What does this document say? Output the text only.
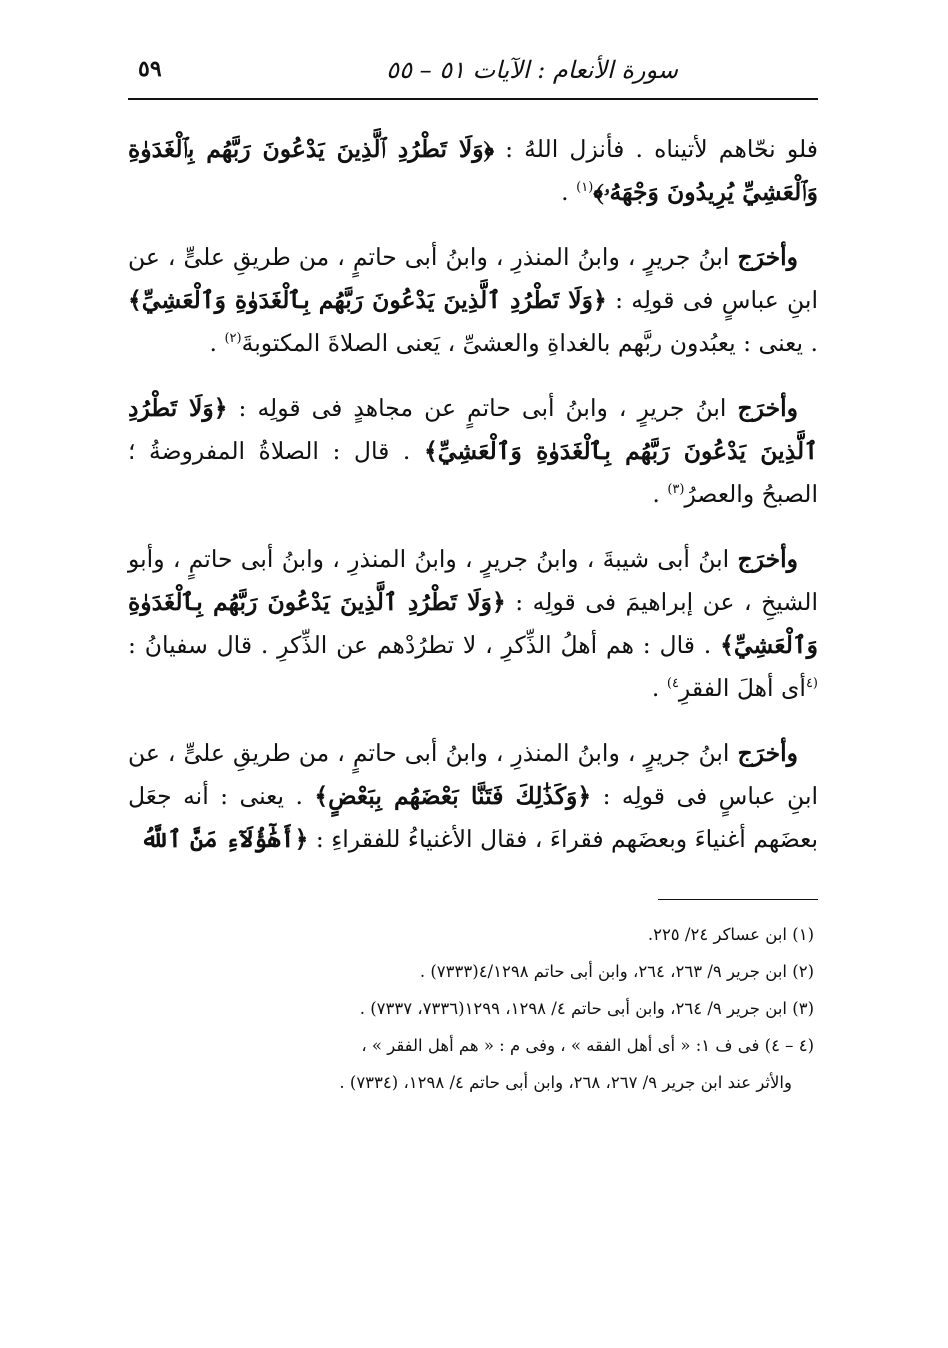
سورة الأنعام : الآيات ٥١ – ٥٥
٥٩

فلو نحّاهم لأتيناه . فأنزل اللهُ : ﴿وَلَا تَطْرُدِ ٱلَّذِينَ يَدْعُونَ رَبَّهُم بِٱلْغَدَوٰةِ وَٱلْعَشِيِّ يُرِيدُونَ وَجْهَهُۥ﴾$^{(١)}$ .

وأخرَج ابنُ جريرٍ ، وابنُ المنذرِ ، وابنُ أبى حاتمٍ ، من طريقِ علىٍّ ، عن ابنِ عباسٍ فى قولِه : ﴿وَلَا تَطْرُدِ ٱلَّذِينَ يَدْعُونَ رَبَّهُم بِٱلْغَدَوٰةِ وَٱلْعَشِيِّ﴾ . يعنى : يعبُدون ربَّهم بالغداةِ والعشىِّ ، يَعنى الصلاةَ المكتوبةَ$^{(٢)}$ .

وأخرَج ابنُ جريرٍ ، وابنُ أبى حاتمٍ عن مجاهدٍ فى قولِه : ﴿وَلَا تَطْرُدِ ٱلَّذِينَ يَدْعُونَ رَبَّهُم بِٱلْغَدَوٰةِ وَٱلْعَشِيِّ﴾ . قال : الصلاةُ المفروضةُ ؛ الصبحُ والعصرُ$^{(٣)}$ .

وأخرَج ابنُ أبى شيبةَ ، وابنُ جريرٍ ، وابنُ المنذرِ ، وابنُ أبى حاتمٍ ، وأبو الشيخِ ، عن إبراهيمَ فى قولِه : ﴿وَلَا تَطْرُدِ ٱلَّذِينَ يَدْعُونَ رَبَّهُم بِٱلْغَدَوٰةِ وَٱلْعَشِيِّ﴾ . قال : هم أهلُ الذِّكرِ ، لا تطرُدْهم عن الذِّكرِ . قال سفيانُ : $^{(٤}$أى أهلَ الفقرِ$^{٤)}$ .

وأخرَج ابنُ جريرٍ ، وابنُ المنذرِ ، وابنُ أبى حاتمٍ ، من طريقِ علىٍّ ، عن ابنِ عباسٍ فى قولِه : ﴿وَكَذَٰلِكَ فَتَنَّا بَعْضَهُم بِبَعْضٍ﴾ . يعنى : أنه جعَل بعضَهم أغنياءَ وبعضَهم فقراءَ ، فقال الأغنياءُ للفقراءِ : ﴿أَهَٰٓؤُلَآءِ مَنَّ ٱللَّهُ

(١) ابن عساكر ٢٤/ ٢٢٥.
(٢) ابن جرير ٩/ ٢٦٣، ٢٦٤، وابن أبى حاتم ٤/١٢٩٨(٧٣٣٣) .
(٣) ابن جرير ٩/ ٢٦٤، وابن أبى حاتم ٤/ ١٢٩٨، ١٢٩٩(٧٣٣٦، ٧٣٣٧) .
(٤ – ٤) فى ف ١: « أى أهل الفقه » ، وفى م : « هم أهل الفقر » ،
والأثر عند ابن جرير ٩/ ٢٦٧، ٢٦٨، وابن أبى حاتم ٤/ ١٢٩٨، (٧٣٣٤) .
